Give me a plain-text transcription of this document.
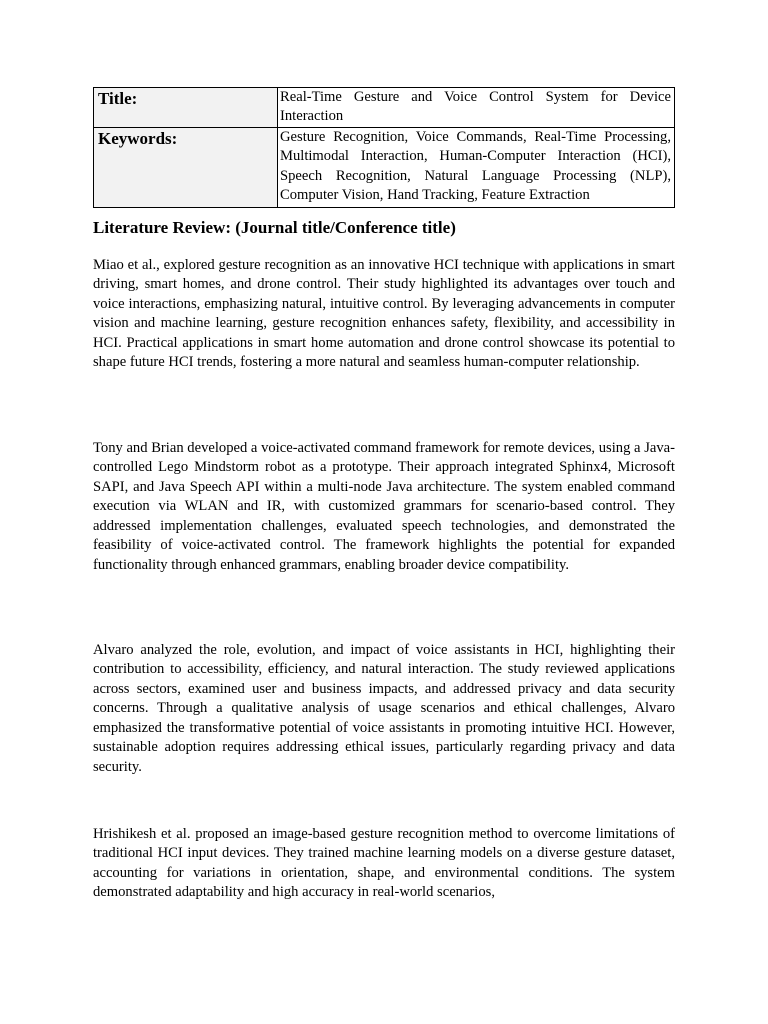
Title:	Real-Time Gesture and Voice Control System for Device Interaction
Keywords:	Gesture Recognition, Voice Commands, Real-Time Processing, Multimodal Interaction, Human-Computer Interaction (HCI), Speech Recognition, Natural Language Processing (NLP), Computer Vision, Hand Tracking, Feature Extraction
Literature Review: (Journal title/Conference title)

Miao et al., explored gesture recognition as an innovative HCI technique with applications in smart driving, smart homes, and drone control. Their study highlighted its advantages over touch and voice interactions, emphasizing natural, intuitive control. By leveraging advancements in computer vision and machine learning, gesture recognition enhances safety, flexibility, and accessibility in HCI. Practical applications in smart home automation and drone control showcase its potential to shape future HCI trends, fostering a more natural and seamless human-computer relationship.

Tony and Brian developed a voice-activated command framework for remote devices, using a Java-controlled Lego Mindstorm robot as a prototype. Their approach integrated Sphinx4, Microsoft SAPI, and Java Speech API within a multi-node Java architecture. The system enabled command execution via WLAN and IR, with customized grammars for scenario-based control. They addressed implementation challenges, evaluated speech technologies, and demonstrated the feasibility of voice-activated control. The framework highlights the potential for expanded functionality through enhanced grammars, enabling broader device compatibility.

Alvaro analyzed the role, evolution, and impact of voice assistants in HCI, highlighting their contribution to accessibility, efficiency, and natural interaction. The study reviewed applications across sectors, examined user and business impacts, and addressed privacy and data security concerns. Through a qualitative analysis of usage scenarios and ethical challenges, Alvaro emphasized the transformative potential of voice assistants in promoting intuitive HCI. However, sustainable adoption requires addressing ethical issues, particularly regarding privacy and data security.

Hrishikesh et al. proposed an image-based gesture recognition method to overcome limitations of traditional HCI input devices. They trained machine learning models on a diverse gesture dataset, accounting for variations in orientation, shape, and environmental conditions. The system demonstrated adaptability and high accuracy in real-world scenarios,
